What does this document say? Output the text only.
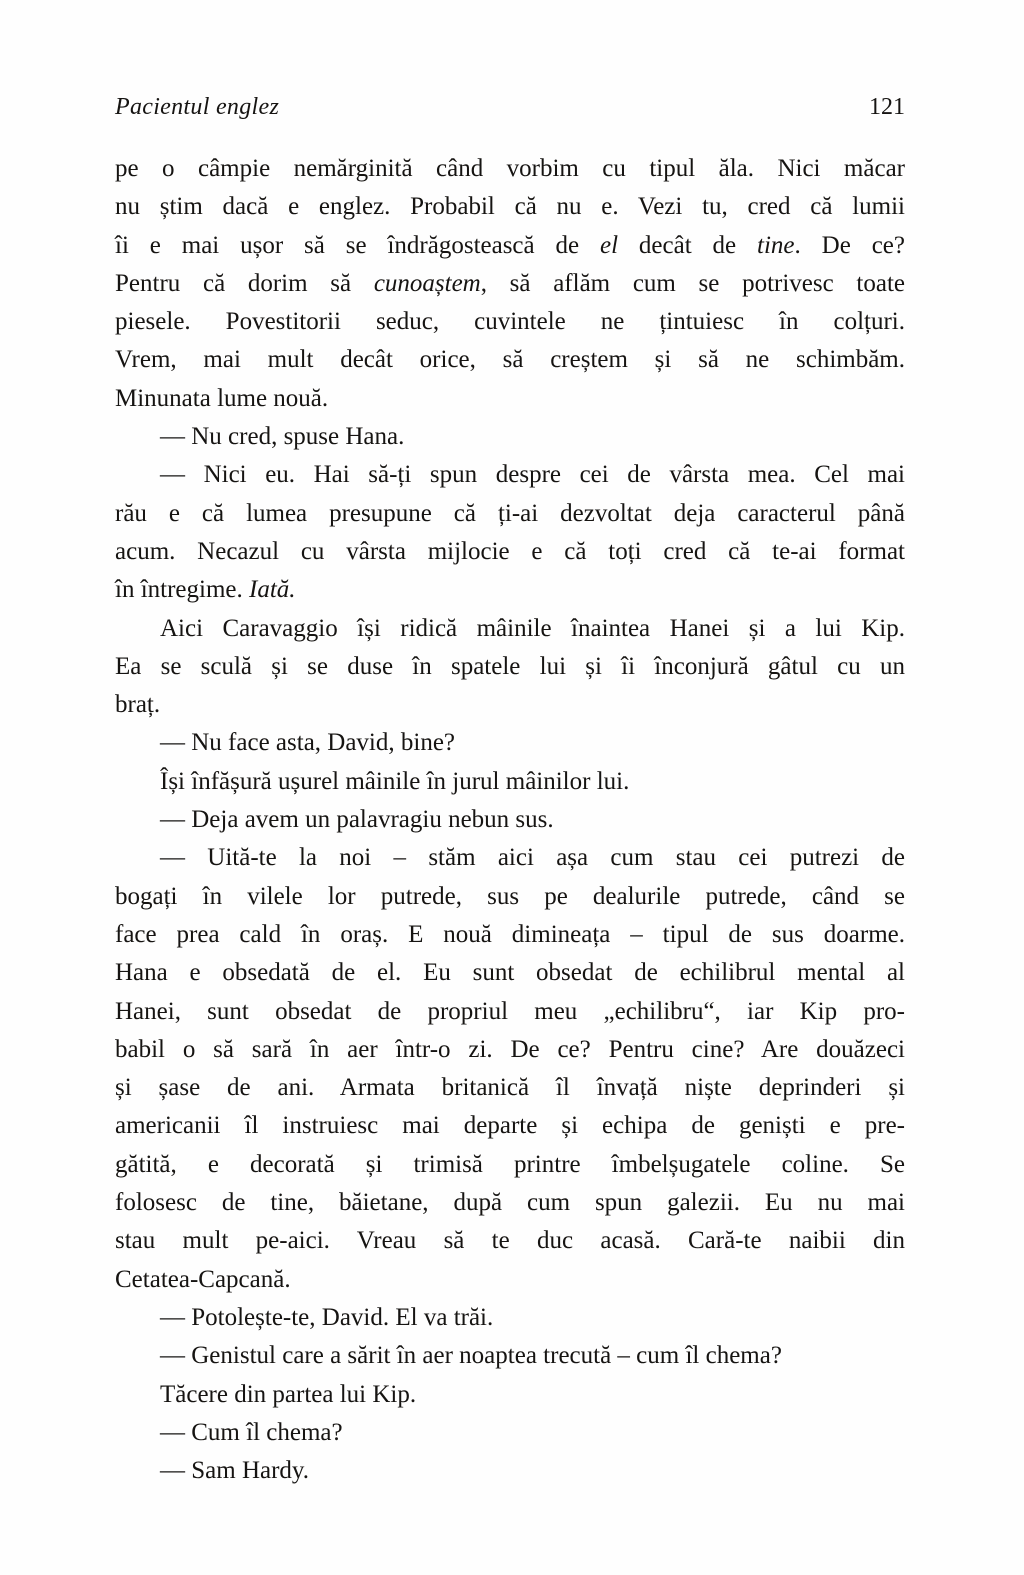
Pacientul englez	121
pe o câmpie nemărginită când vorbim cu tipul ăla. Nici măcar
nu știm dacă e englez. Probabil că nu e. Vezi tu, cred că lumii
îi e mai ușor să se îndrăgostească de el decât de tine. De ce?
Pentru că dorim să cunoaștem, să aflăm cum se potrivesc toate
piesele. Povestitorii seduc, cuvintele ne țintuiesc în colțuri.
Vrem, mai mult decât orice, să creștem și să ne schimbăm.
Minunata lume nouă.
— Nu cred, spuse Hana.
— Nici eu. Hai să-ți spun despre cei de vârsta mea. Cel mai
rău e că lumea presupune că ți-ai dezvoltat deja caracterul până
acum. Necazul cu vârsta mijlocie e că toți cred că te-ai format
în întregime. Iată.
Aici Caravaggio își ridică mâinile înaintea Hanei și a lui Kip.
Ea se sculă și se duse în spatele lui și îi înconjură gâtul cu un
braț.
— Nu face asta, David, bine?
Își înfășură ușurel mâinile în jurul mâinilor lui.
— Deja avem un palavragiu nebun sus.
— Uită-te la noi – stăm aici așa cum stau cei putrezi de
bogați în vilele lor putrede, sus pe dealurile putrede, când se
face prea cald în oraș. E nouă dimineața – tipul de sus doarme.
Hana e obsedată de el. Eu sunt obsedat de echilibrul mental al
Hanei, sunt obsedat de propriul meu „echilibru“, iar Kip pro-
babil o să sară în aer într-o zi. De ce? Pentru cine? Are douăzeci
și șase de ani. Armata britanică îl învață niște deprinderi și
americanii îl instruiesc mai departe și echipa de geniști e pre-
gătită, e decorată și trimisă printre îmbelșugatele coline. Se
folosesc de tine, băietane, după cum spun galezii. Eu nu mai
stau mult pe-aici. Vreau să te duc acasă. Cară-te naibii din
Cetatea-Capcană.
— Potolește-te, David. El va trăi.
— Genistul care a sărit în aer noaptea trecută – cum îl chema?
Tăcere din partea lui Kip.
— Cum îl chema?
— Sam Hardy.
